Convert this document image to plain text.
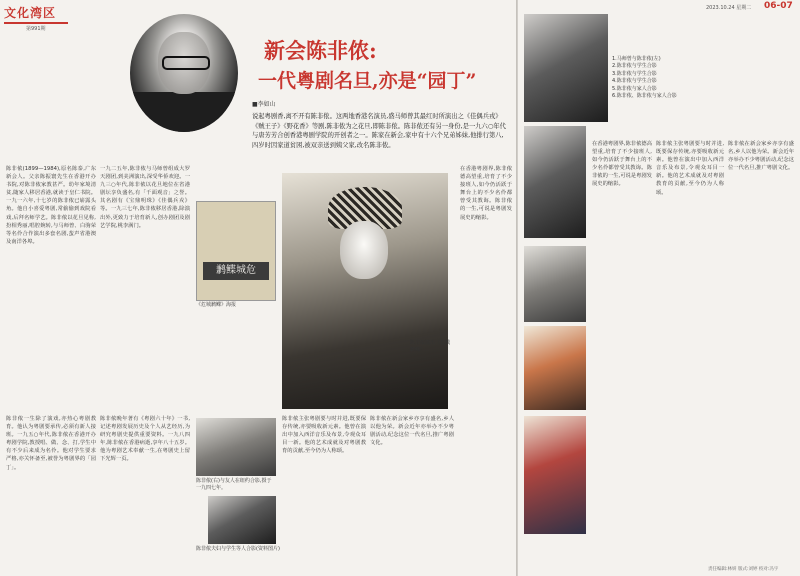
文化湾区
第991期
新会陈非侬:
一代粤剧名旦,亦是“园丁”
■李如山

说起粤剧香,离不开有陈非侬。这两地香港名演员,盛马师曾其最红时所演出之《佳偶兵戎》《贼王子》《野花香》等剧,陈非侬为之花旦,即陈非侬。陈非侬还有另一身份,是一九六○年代与唐芳芳合创香港粤剧学院的开创者之一。陈家在新会,家中有十六个兄弟姊妹,他排行第八,四岁时因家道贫困,被双亲送到姨父家,改名陈非侬。

陈非侬(1899—1984),原名陈泰,广东新会人。父亲陈振寰先生在香港开办书院,对陈非侬家教甚严。幼年家境清贫,随家人移居香港,就读于皇仁书院。一九一六年,十七岁的陈非侬已崭露头角。他自小喜爱粤剧,常偷偷到戏院看戏,后拜名师学艺。陈非侬以花旦见称,扮相秀丽,唱腔婉转,与马师曾、白驹荣等名伶合作演出多套名剧,蜚声省港澳及南洋各埠。

一九二五年,陈非侬与马师曾组成大罗天剧团,到美洲演出,深受华侨欢迎。一九三○年代,陈非侬以花旦地位在省港剧坛享负盛名,有「千面观音」之誉。其名剧有《宝鼎明珠》《佳偶兵戎》等。一九三七年,陈非侬移居香港,除演出外,更致力于培育新人,创办剧团及剧艺学院,桃李满门。

陈非侬一生除了演戏,亦热心粤剧教育。他认为粤剧要承传,必须有新人接班。一九五○年代,陈非侬在香港开办粤剧学院,教授唱、做、念、打,学生中有不少后来成为名伶。他对学生要求严格,亦关怀备至,被誉为粤剧界的「园丁」。

陈非侬晚年著有《粤剧六十年》一书,记述粤剧发展历史及个人从艺经历,为研究粤剧史提供重要资料。一九八四年,陈非侬在香港病逝,享年八十五岁。他为粤剧艺术奉献一生,在粤剧史上留下光辉一页。

在香港粤剧界,陈非侬德高望重,培育了不少接班人,如今仍活跃于舞台上的不少名伶都曾受其教诲。陈非侬的一生,可说是粤剧发展史的缩影。

陈非侬主张粤剧要与时并进,既要保存传统,亦要吸收新元素。他曾在演出中加入西洋音乐及布景,令观众耳目一新。他的艺术成就及对粤剧教育的贡献,至今仍为人称颂。

陈非侬在新会家乡亦享有盛名,乡人以他为荣。新会近年亦举办不少粤剧活动,纪念这位一代名旦,推广粤剧文化。

鹣鲽城危

《危城鹣鲽》海报

陈非侬演出《危城鹣鲽》

陈非侬(右)与友人在纽约合影,摄于一九四七年。

陈非侬夫妇与学生等人合影(资料图片)

2023.10.24 星期二 06-07
1.马师曾与陈非侬(左)
2.陈非侬与学生合影
3.陈非侬与学生合影
4.陈非侬与学生合影
5.陈非侬与家人合影
6.陈非侬、陈非侬与家人合影

在香港粤剧界,陈非侬德高望重,培育了不少接班人,如今仍活跃于舞台上的不少名伶都曾受其教诲。陈非侬的一生,可说是粤剧发展史的缩影。

陈非侬主张粤剧要与时并进,既要保存传统,亦要吸收新元素。他曾在演出中加入西洋音乐及布景,令观众耳目一新。他的艺术成就及对粤剧教育的贡献,至今仍为人称颂。

陈非侬在新会家乡亦享有盛名,乡人以他为荣。新会近年亦举办不少粤剧活动,纪念这位一代名旦,推广粤剧文化。

责任编辑:林妍 版式:刘婷 校对:冯宇
